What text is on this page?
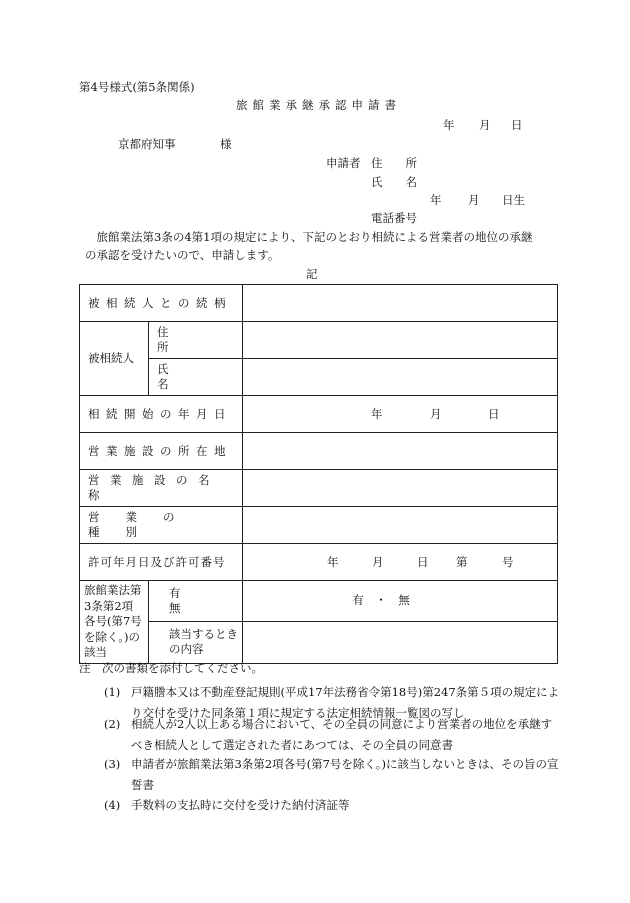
第4号様式(第5条関係)
旅館業承継承認申請書
年 月 日
京都府知事	様
申請者 住　　所
氏　　名
年 月 日生
電話番号
　旅館業法第3条の4第1項の規定により、下記のとおり相続による営業者の地位の承継
の承認を受けたいので、申請します。
記
被相続人との続柄		
被相続人	住所	
	氏名	
相続開始の年月日		年 月 日

営業施設の所在地		
営業施設の名称		
営業の種別		
許可年月日及び許可番号		年 月 日 第 号

旅館業法第3条第2項各号(第7号を除く。)の該当	有無	有　・　無
	該当するときの内容	
注　次の書類を添付してください。
(1) 戸籍謄本又は不動産登記規則(平成17年法務省令第18号)第247条第５項の規定により交付を受けた同条第１項に規定する法定相続情報一覧図の写し
(2) 相続人が2人以上ある場合において、その全員の同意により営業者の地位を承継すべき相続人として選定された者にあつては、その全員の同意書
(3) 申請者が旅館業法第3条第2項各号(第7号を除く。)に該当しないときは、その旨の宣誓書
(4) 手数料の支払時に交付を受けた納付済証等
